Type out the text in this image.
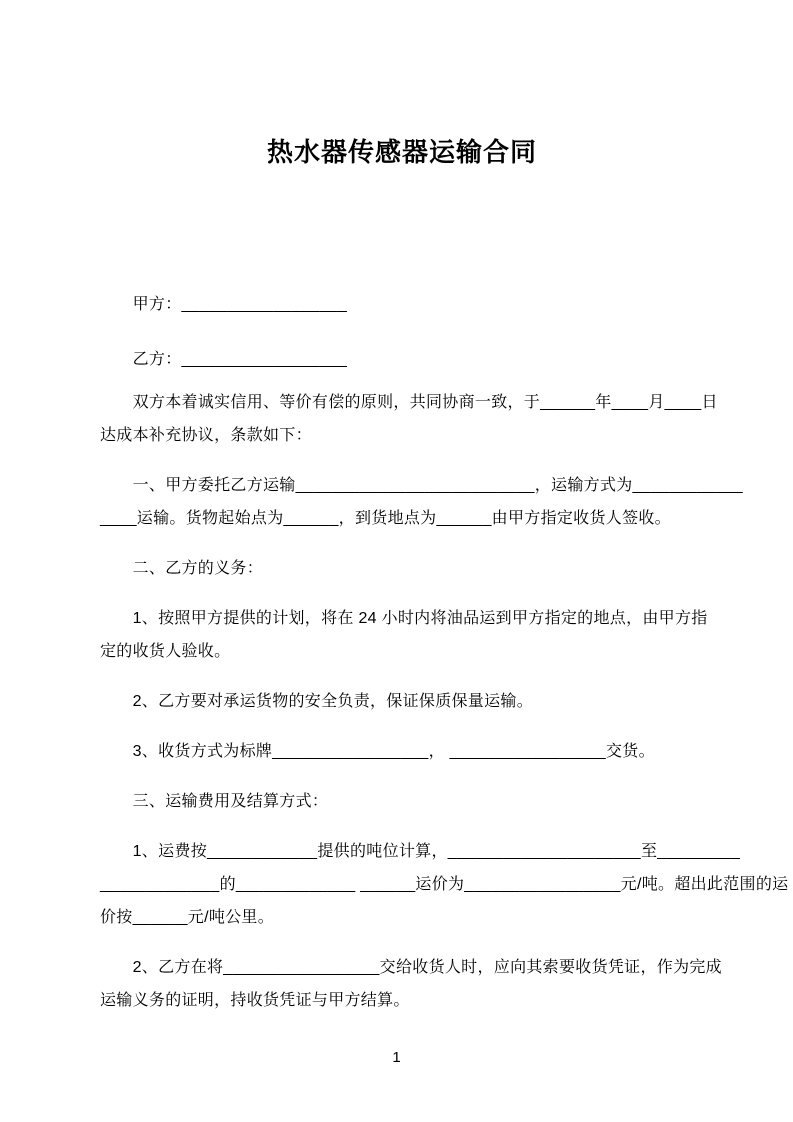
热水器传感器运输合同
　　甲方：__________________
　　乙方：__________________
　　双方本着诚实信用、等价有偿的原则，共同协商一致，于______年____月____日
达成本补充协议，条款如下：
　　一、甲方委托乙方运输__________________________，运输方式为____________
____运输。货物起始点为______，到货地点为______由甲方指定收货人签收。
　　二、乙方的义务：
　　1、按照甲方提供的计划，将在 24 小时内将油品运到甲方指定的地点，由甲方指
定的收货人验收。
　　2、乙方要对承运货物的安全负责，保证保质保量运输。
　　3、收货方式为标牌_________________， _________________交货。
　　三、运输费用及结算方式：
　　1、运费按____________提供的吨位计算，_____________________至_________
_____________的_____________ ______运价为_________________元/吨。超出此范围的运
价按______元/吨公里。
　　2、乙方在将_________________交给收货人时，应向其索要收货凭证，作为完成
运输义务的证明，持收货凭证与甲方结算。
1
